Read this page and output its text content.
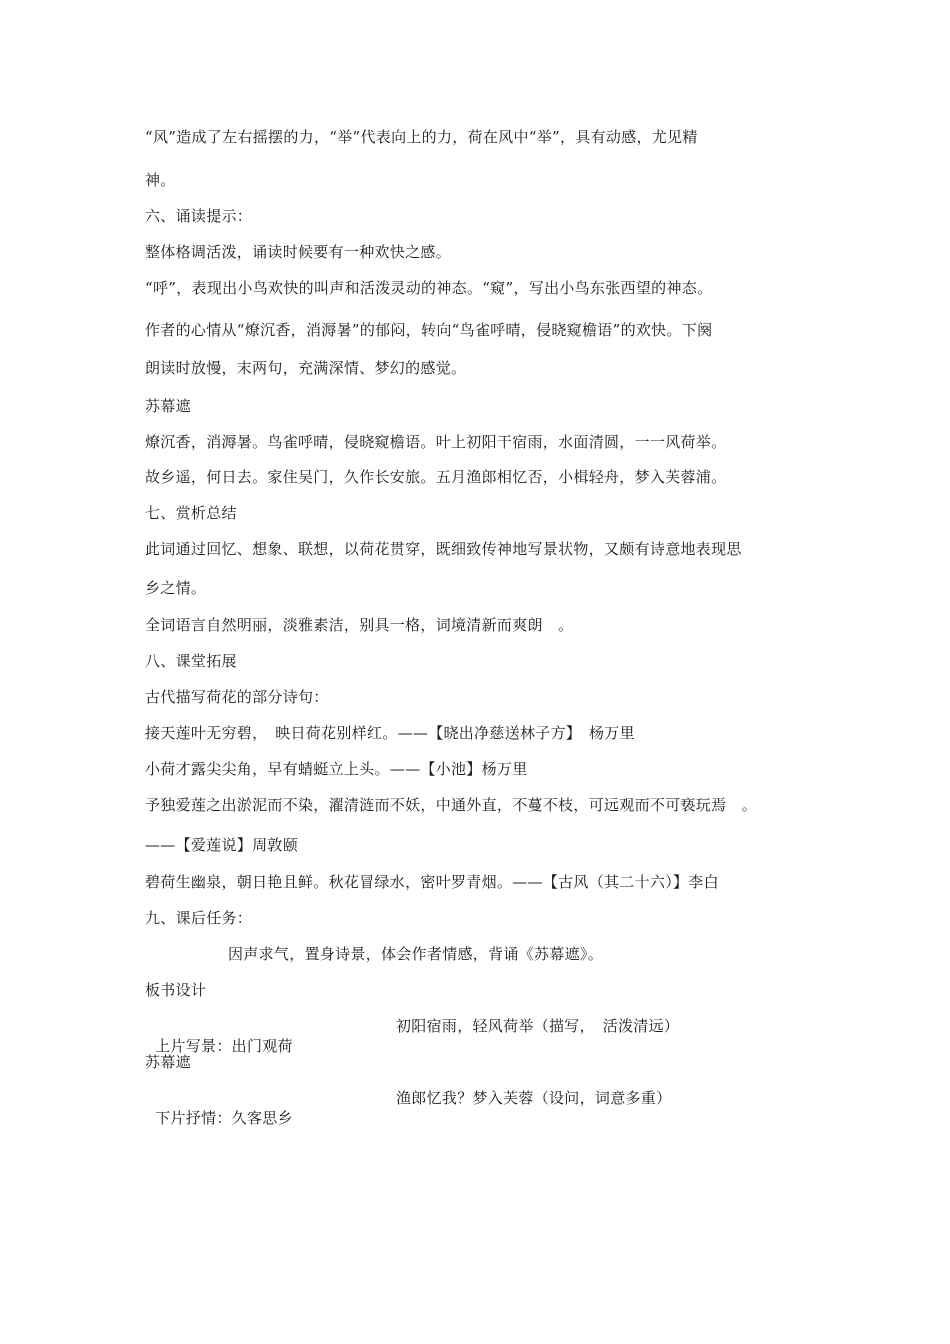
“风”造成了左右摇摆的力，“举”代表向上的力，荷在风中“举”，具有动感，尤见精

神。

六、诵读提示：

整体格调活泼，诵读时候要有一种欢快之感。

“呼”，表现出小鸟欢快的叫声和活泼灵动的神态。“窥”，写出小鸟东张西望的神态。

作者的心情从“燎沉香，消溽暑”的郁闷，转向“鸟雀呼晴，侵晓窥檐语”的欢快。下阕

朗读时放慢，末两句，充满深情、梦幻的感觉。

苏幕遮

燎沉香，消溽暑。鸟雀呼晴，侵晓窥檐语。叶上初阳干宿雨，水面清圆，一一风荷举。

故乡遥，何日去。家住吴门，久作长安旅。五月渔郎相忆否，小楫轻舟，梦入芙蓉浦。

七、赏析总结

此词通过回忆、想象、联想，以荷花贯穿，既细致传神地写景状物，又颇有诗意地表现思

乡之情。

全词语言自然明丽，淡雅素洁，别具一格，词境清新而爽朗　。

八、课堂拓展

古代描写荷花的部分诗句：

接天莲叶无穷碧，　映日荷花别样红。——【晓出净慈送林子方】　杨万里

小荷才露尖尖角，早有蜻蜓立上头。——【小池】杨万里

予独爱莲之出淤泥而不染，濯清涟而不妖，中通外直，不蔓不枝，可远观而不可亵玩焉　。

——【爱莲说】周敦颐

碧荷生幽泉，朝日艳且鲜。秋花冒绿水，密叶罗青烟。——【古风（其二十六）】李白

九、课后任务：

因声求气，置身诗景，体会作者情感，背诵《苏幕遮》。

板书设计

上片写景：出门观荷

初阳宿雨，轻风荷举（描写，　活泼清远）

苏幕遮

下片抒情：久客思乡

渔郎忆我？梦入芙蓉（设问，词意多重）
